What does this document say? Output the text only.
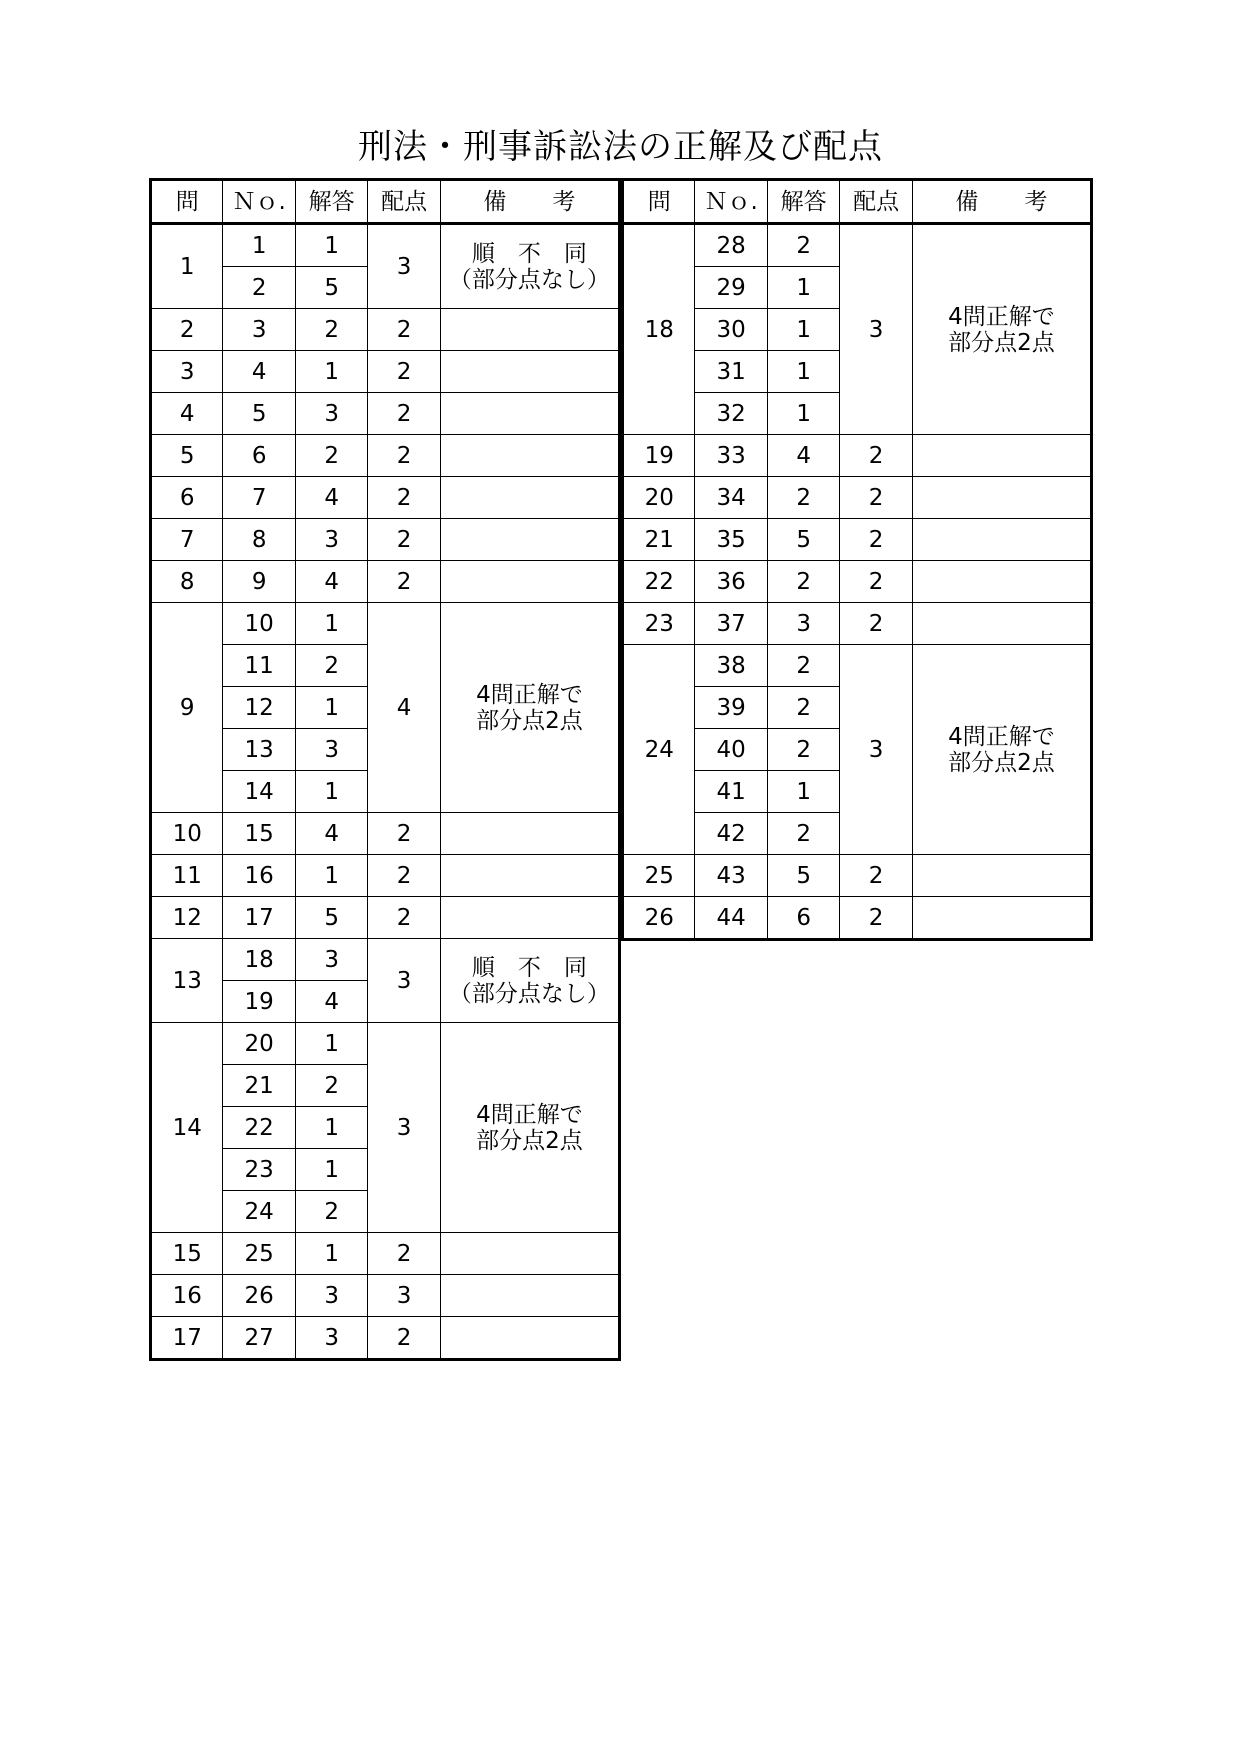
刑法・刑事訴訟法の正解及び配点
問	Ｎｏ.	解答	配点	備　　考
1	1	1	3	順　不　同
（部分点なし）
	2	5		
2	3	2	2	
3	4	1	2	
4	5	3	2	
5	6	2	2	
6	7	4	2	
7	8	3	2	
8	9	4	2	
9	10	1	4	4問正解で
部分点2点
	11	2		
	12	1		
	13	3		
	14	1		
10	15	4	2	
11	16	1	2	
12	17	5	2	
13	18	3	3	順　不　同
（部分点なし）
	19	4		
14	20	1	3	4問正解で
部分点2点
	21	2		
	22	1		
	23	1		
	24	2		
15	25	1	2	
16	26	3	3	
17	27	3	2	
問	Ｎｏ.	解答	配点	備　　考
18	28	2	3	4問正解で
部分点2点
	29	1		
	30	1		
	31	1		
	32	1		
19	33	4	2	
20	34	2	2	
21	35	5	2	
22	36	2	2	
23	37	3	2	
24	38	2	3	4問正解で
部分点2点
	39	2		
	40	2		
	41	1		
	42	2		
25	43	5	2	
26	44	6	2	
